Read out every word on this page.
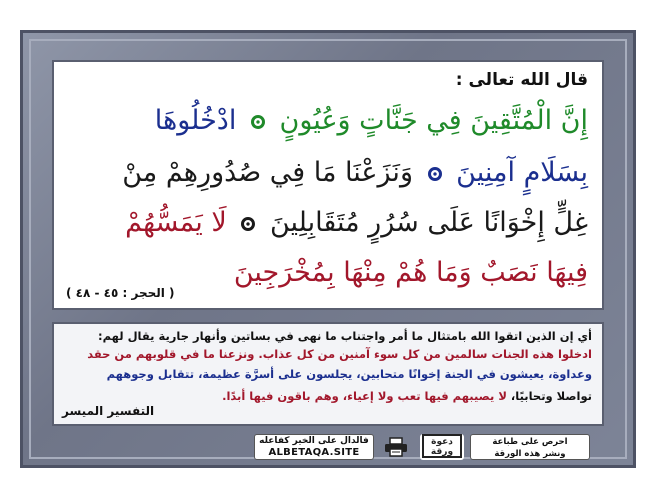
قال الله تعالى :
إِنَّ الْمُتَّقِينَ فِي جَنَّاتٍ وَعُيُونٍ  ادْخُلُوهَا
بِسَلَامٍ آمِنِينَ  وَنَزَعْنَا مَا فِي صُدُورِهِمْ مِنْ
غِلٍّ إِخْوَانًا عَلَى سُرُرٍ مُتَقَابِلِينَ  لَا يَمَسُّهُمْ
فِيهَا نَصَبٌ وَمَا هُمْ مِنْهَا بِمُخْرَجِينَ
( الحجر : ٤٥ - ٤٨ )
أي إن الذين اتقوا الله بامتثال ما أمر واجتناب ما نهى في بساتين وأنهار جارية يقال لهم:
ادخلوا هذه الجنات سالمين من كل سوء آمنين من كل عذاب. ونزعنا ما في قلوبهم من حقد
وعداوة، يعيشون في الجنة إخوانًا متحابين، يجلسون على أسرَّة عظيمة، تتقابل وجوههم
تواصلا وتحابيًا، لا يصيبهم فيها تعب ولا إعياء، وهم باقون فيها أبدًا.
التفسير الميسر
احرص على طباعة
ونشر هذه الورقة
دعوة ورقة
فالدال على الخير كفاعله
ALBETAQA.SITE
